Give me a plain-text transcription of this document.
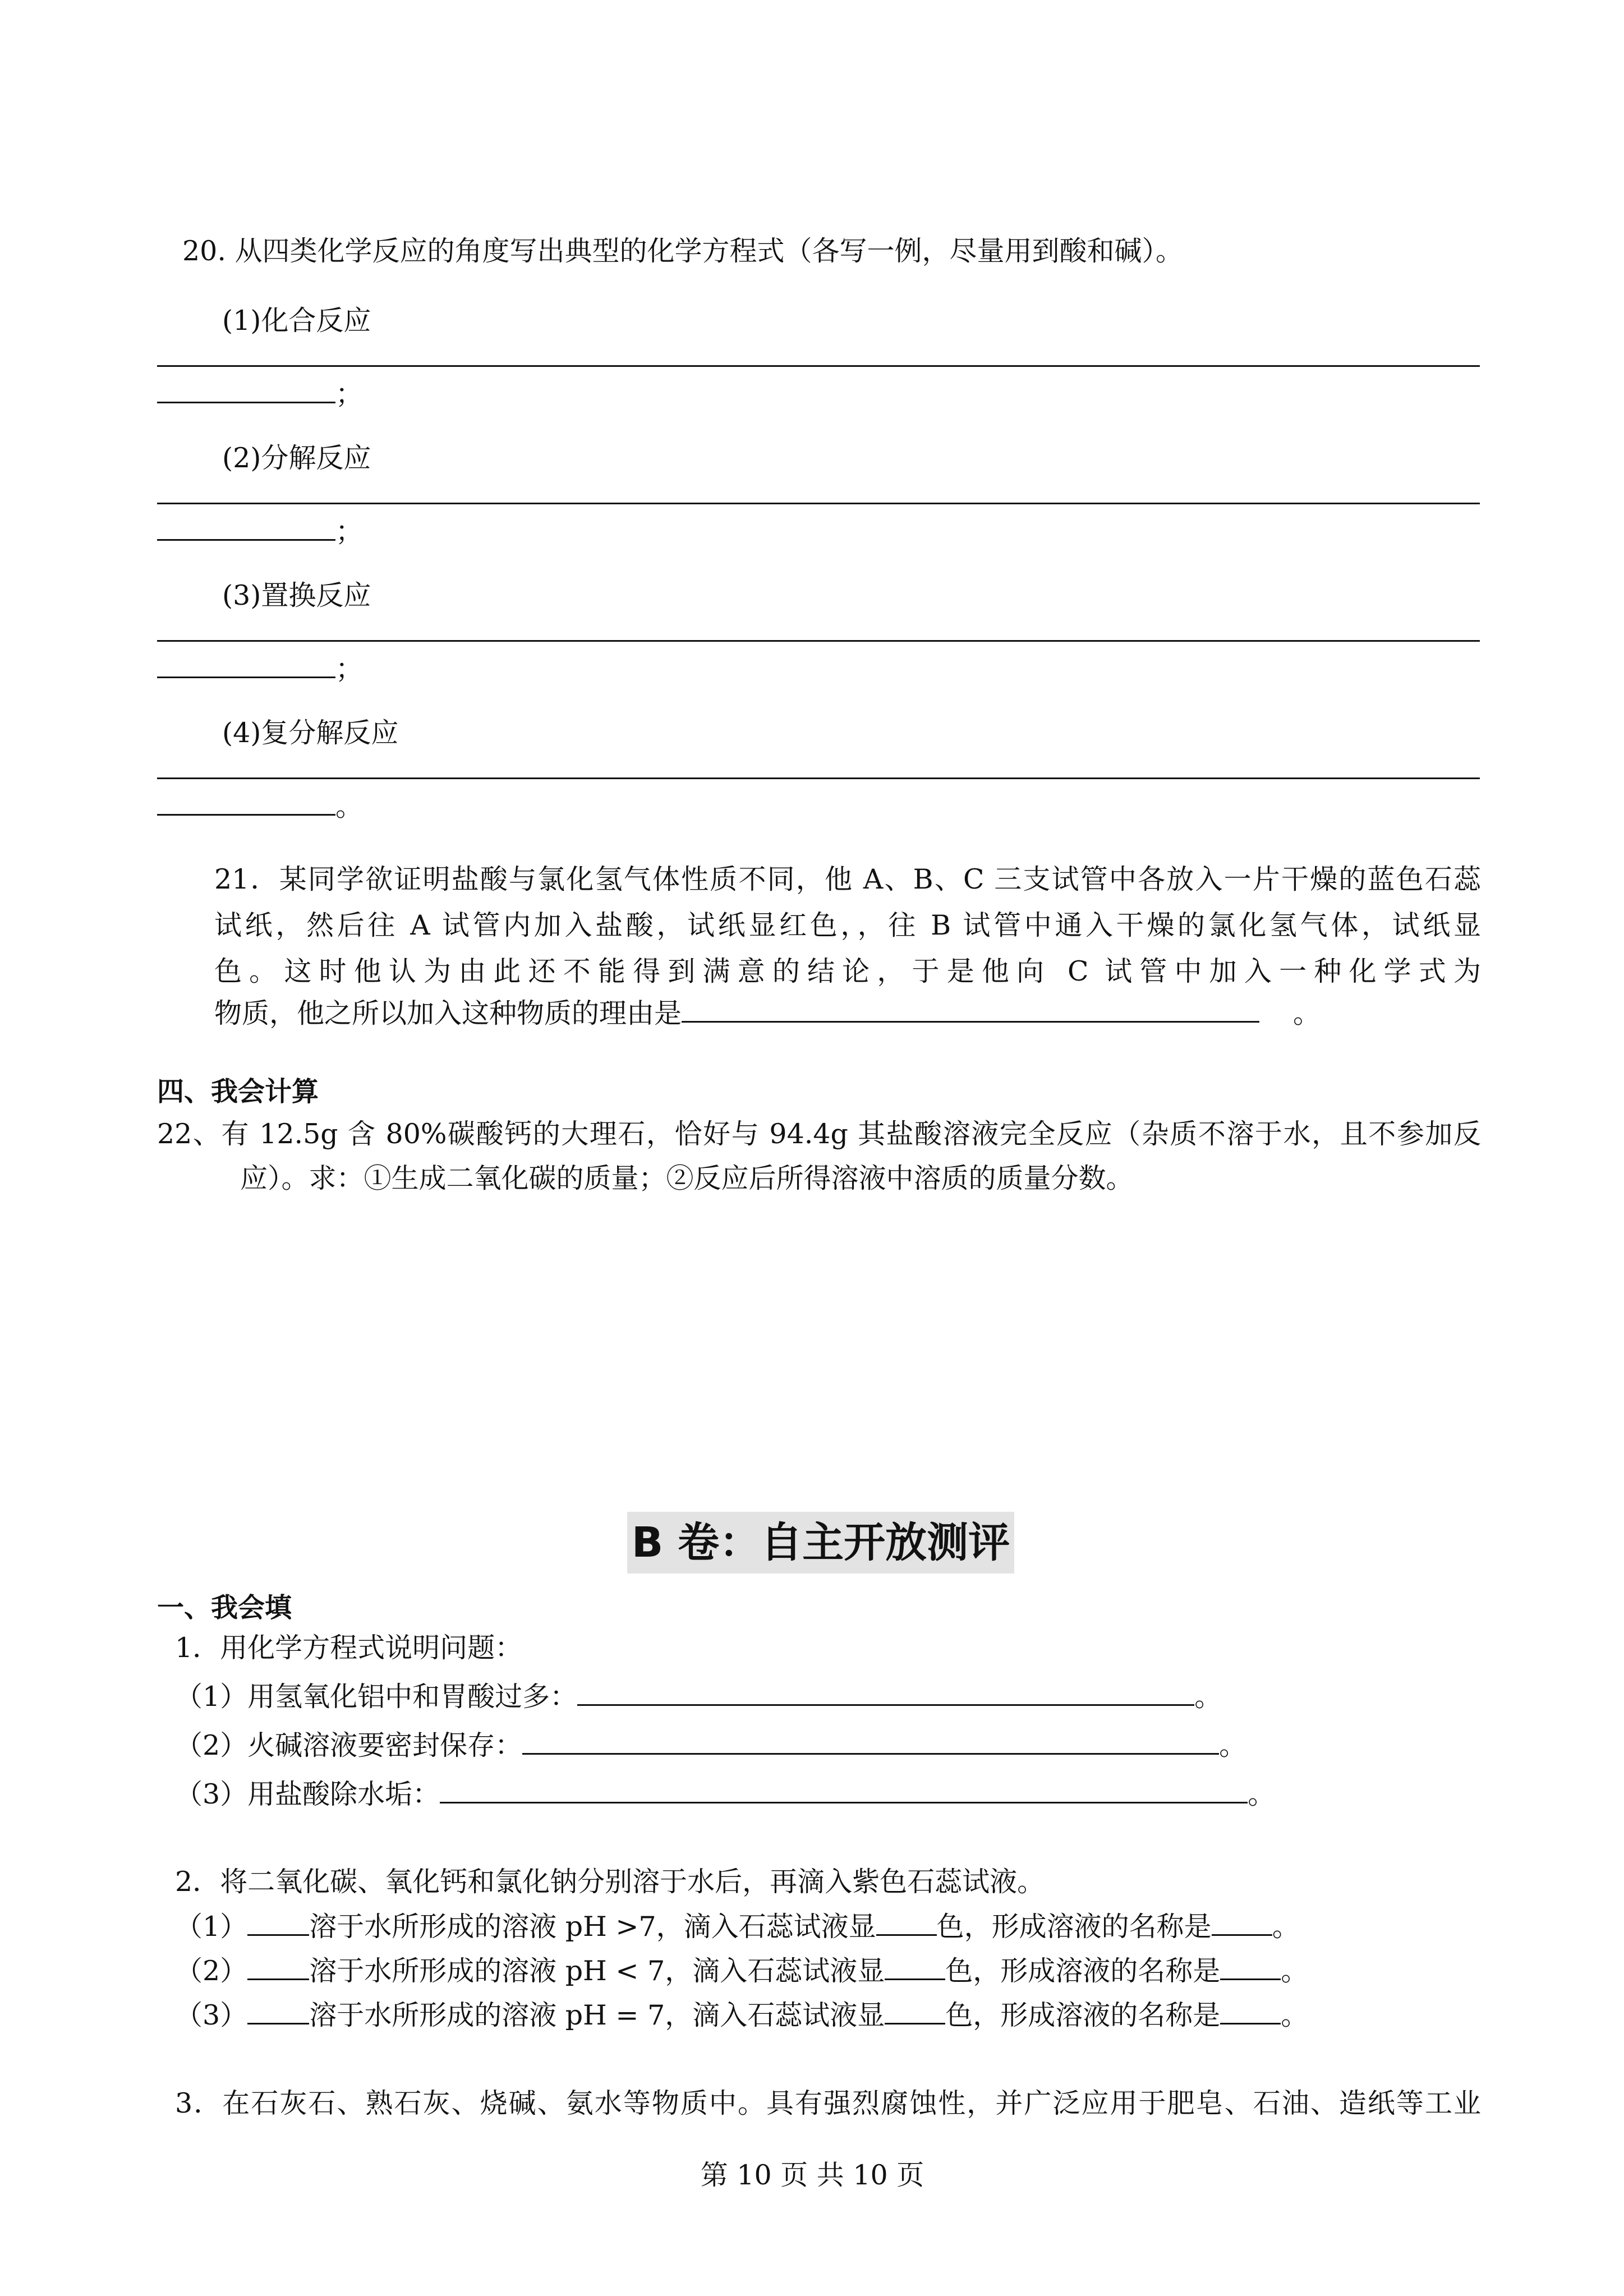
20. 从四类化学反应的角度写出典型的化学方程式（各写一例，尽量用到酸和碱）。
(1)化合反应
；
(2)分解反应
；
(3)置换反应
；
(4)复分解反应
。
21．某同学欲证明盐酸与氯化氢气体性质不同，他 A、B、C 三支试管中各放入一片干燥的蓝色石蕊
试纸，然后往 A 试管内加入盐酸，试纸显红色，，往 B 试管中通入干燥的氯化氢气体，试纸显
色。这时他认为由此还不能得到满意的结论，于是他向 C 试管中加入一种化学式为
物质，他之所以加入这种物质的理由是	。
四、我会计算
22、有 12.5g 含 80%碳酸钙的大理石，恰好与 94.4g 其盐酸溶液完全反应（杂质不溶于水，且不参加反
应）。求：①生成二氧化碳的质量；②反应后所得溶液中溶质的质量分数。
B 卷：自主开放测评
一、我会填
1．用化学方程式说明问题：
（1）用氢氧化铝中和胃酸过多：	。
（2）火碱溶液要密封保存：	。
（3）用盐酸除水垢：	。
2．将二氧化碳、氧化钙和氯化钠分别溶于水后，再滴入紫色石蕊试液。
（1） 溶于水所形成的溶液 pH >7，滴入石蕊试液显 色，形成溶液的名称是 。
（2） 溶于水所形成的溶液 pH < 7，滴入石蕊试液显 色，形成溶液的名称是 。
（3） 溶于水所形成的溶液 pH = 7，滴入石蕊试液显 色，形成溶液的名称是 。
3．在石灰石、熟石灰、烧碱、氨水等物质中。具有强烈腐蚀性，并广泛应用于肥皂、石油、造纸等工业
第 10 页 共 10 页
